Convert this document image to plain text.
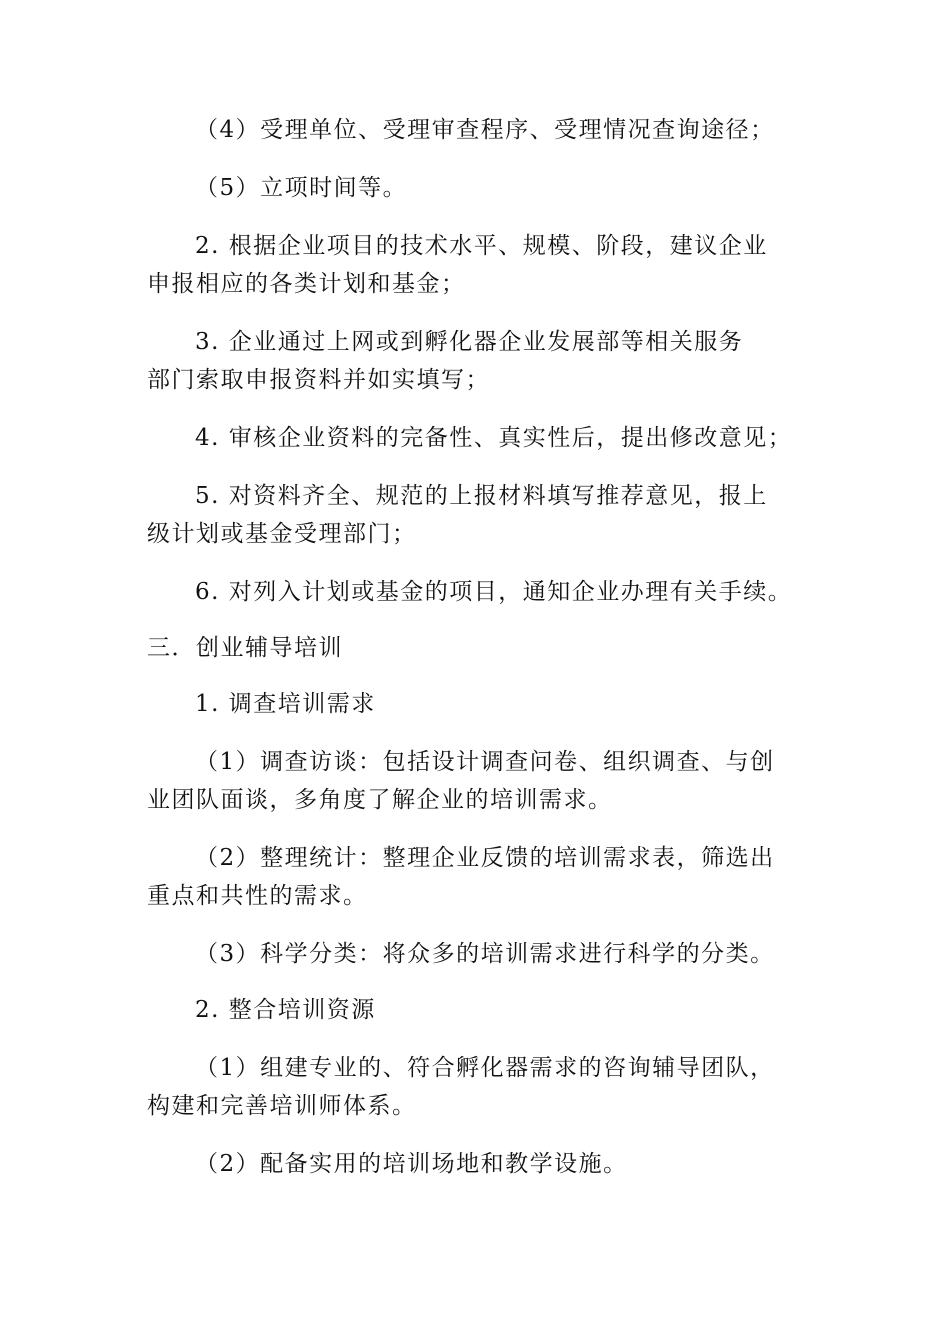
（4）受理单位、受理审查程序、受理情况查询途径；
（5）立项时间等。
2. 根据企业项目的技术水平、规模、阶段，建议企业
申报相应的各类计划和基金；
3. 企业通过上网或到孵化器企业发展部等相关服务
部门索取申报资料并如实填写；
4. 审核企业资料的完备性、真实性后，提出修改意见；
5. 对资料齐全、规范的上报材料填写推荐意见，报上
级计划或基金受理部门；
6. 对列入计划或基金的项目，通知企业办理有关手续。
三．创业辅导培训
1. 调查培训需求
（1）调查访谈：包括设计调查问卷、组织调查、与创
业团队面谈，多角度了解企业的培训需求。
（2）整理统计：整理企业反馈的培训需求表，筛选出
重点和共性的需求。
（3）科学分类：将众多的培训需求进行科学的分类。
2. 整合培训资源
（1）组建专业的、符合孵化器需求的咨询辅导团队，
构建和完善培训师体系。
（2）配备实用的培训场地和教学设施。
